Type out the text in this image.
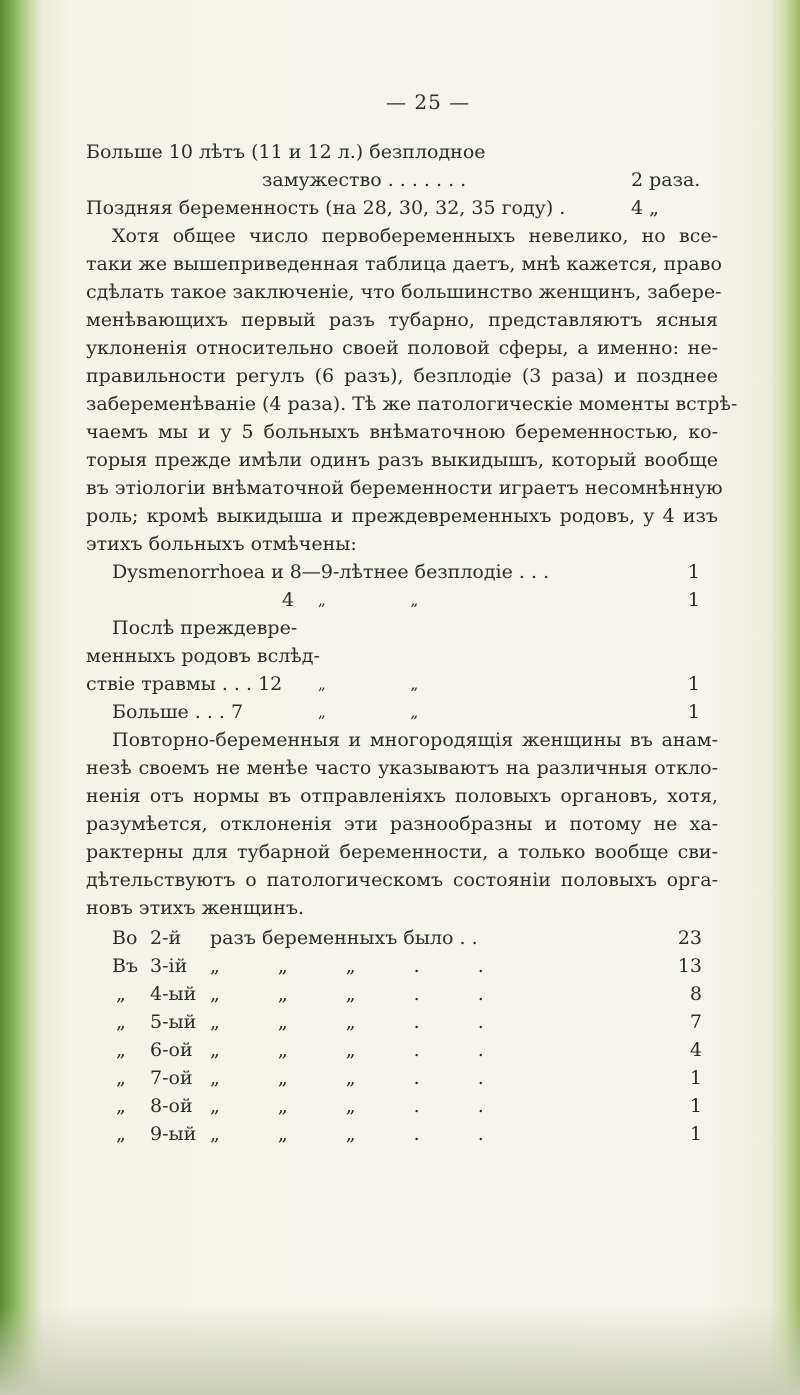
— 25 —
Больше 10 лѣтъ (11 и 12 л.) безплодное
замужество . . . . . . .	2 раза.
Поздняя беременность (на 28, 30, 32, 35 году) .	4 „
Хотя общее число первобеременныхъ невелико, но все-
таки же вышеприведенная таблица даетъ, мнѣ кажется, право
сдѣлать такое заключеніе, что большинство женщинъ, забере-
менѣвающихъ первый разъ тубарно, представляютъ ясныя
уклоненія относительно своей половой сферы, а именно: не-
правильности регулъ (6 разъ), безплодіе (3 раза) и позднее
забеременѣваніе (4 раза). Тѣ же патологическіе моменты встрѣ-
чаемъ мы и у 5 больныхъ внѣматочною беременностью, ко-
торыя прежде имѣли одинъ разъ выкидышъ, который вообще
въ этіологіи внѣматочной беременности играетъ несомнѣнную
роль; кромѣ выкидыша и преждевременныхъ родовъ, у 4 изъ
этихъ больныхъ отмѣчены:
Dysmenorrhoea и 8—9-лѣтнее безплодіе . . .	1
4 „ „	1
Послѣ преждевре-
менныхъ родовъ вслѣд-
ствіе травмы . . . 12 „ „	1
Больше . . . 7	„ „	1
Повторно-беременныя и многородящія женщины въ анам-
незѣ своемъ не менѣе часто указываютъ на различныя откло-
ненія отъ нормы въ отправленіяхъ половыхъ органовъ, хотя,
разумѣется, отклоненія эти разнообразны и потому не ха-
рактерны для тубарной беременности, а только вообще сви-
дѣтельствуютъ о патологическомъ состояніи половыхъ орга-
новъ этихъ женщинъ.
Во 2-й разъ беременныхъ было . .	23
Въ 3-ій „ „ „ . .	13
„ 4-ый „ „ „ . .	8
„ 5-ый „ „ „ . .	7
„ 6-ой „ „ „ . .	4
„ 7-ой „ „ „ . .	1
„ 8-ой „ „ „ . .	1
„ 9-ый „ „ „ . .	1
